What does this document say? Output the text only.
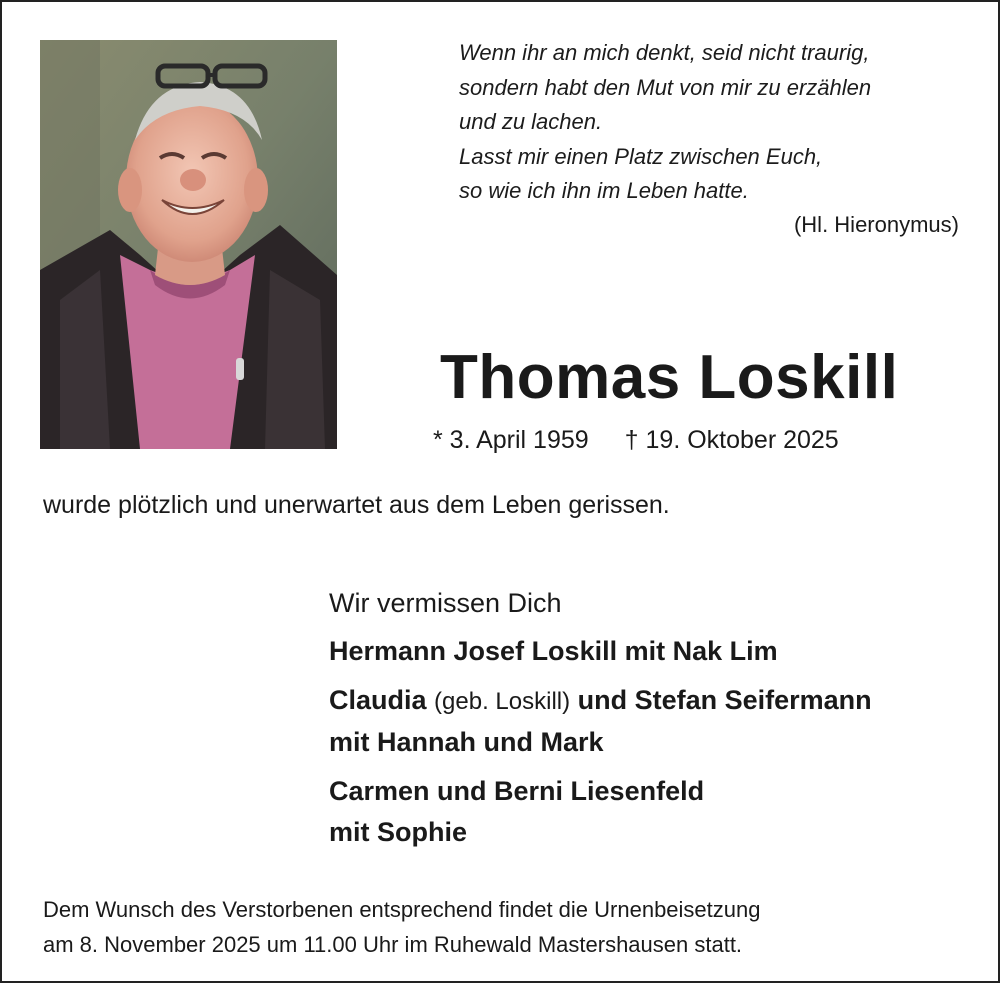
Wenn ihr an mich denkt, seid nicht traurig,
sondern habt den Mut von mir zu erzählen
und zu lachen.
Lasst mir einen Platz zwischen Euch,
so wie ich ihn im Leben hatte.
(Hl. Hieronymus)
Thomas Loskill
* 3. April 1959 † 19. Oktober 2025
wurde plötzlich und unerwartet aus dem Leben gerissen.
Wir vermissen Dich
Hermann Josef Loskill mit Nak Lim
Claudia (geb. Loskill) und Stefan Seifermann
mit Hannah und Mark
Carmen und Berni Liesenfeld
mit Sophie
Dem Wunsch des Verstorbenen entsprechend findet die Urnenbeisetzung
am 8. November 2025 um 11.00 Uhr im Ruhewald Mastershausen statt.
